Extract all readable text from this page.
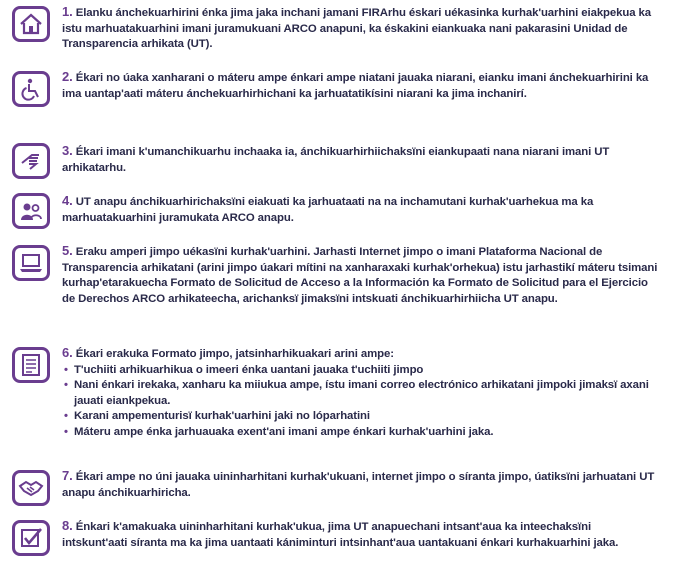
1. Elanku ánchekuarhirini énka jima jaka inchani jamani FIRArhu éskari uékasinka kurhak'uarhini eiakpekua ka istu marhuatakuarhini imani juramukuani ARCO anapuni, ka éskakini eiankuaka nani pakarasini Unidad de Transparencia arhikata (UT).

2. Ékari no úaka xanharani o máteru ampe énkari ampe niatani jauaka niarani, eianku imani ánchekuarhirini ka ima uantap'aati máteru ánchekuarhirhichani ka jarhuatatikísini niarani ka jima inchanirí.

3. Ékari imani k'umanchikuarhu inchaaka ia, ánchikuarhirhiichaksïni eiankupaati nana niarani imani UT arhikatarhu.

4. UT anapu ánchikuarhirichaksïni eiakuati ka jarhuataati na na inchamutani kurhak'uarhekua ma ka marhuatakuarhini juramukata ARCO anapu.

5. Eraku amperi jimpo uékasïni kurhak'uarhini. Jarhasti Internet jimpo o imani Plataforma Nacional de Transparencia arhikatani (arini jimpo úakari mítini na xanharaxaki kurhak'orhekua) istu jarhastikí máteru tsimani kurhap'etarakuecha Formato de Solicitud de Acceso a la Información ka Formato de Solicitud para el Ejercicio de Derechos ARCO arhikateecha, arichanksï jimaksïni intskuati ánchikuarhirhiicha UT anapu.

6. Ékari erakuka Formato jimpo, jatsinharhikuakari arini ampe:

• T'uchiiti arhikuarhikua o imeeri énka uantani jauaka t'uchiiti jimpo
• Nani énkari irekaka, xanharu ka miiukua ampe, ístu imani correo electrónico arhikatani jimpoki jimaksï axani jauati eiankpekua.
• Karani ampementurisï kurhak'uarhini jaki no lóparhatini
• Máteru ampe énka jarhuauaka exent'ani imani ampe énkari kurhak'uarhini jaka.

7. Ékari ampe no úni jauaka uininharhitani kurhak'ukuani, internet jimpo o síranta jimpo, úatiksïni jarhuatani UT anapu ánchikuarhiricha.

8. Énkari k'amakuaka uininharhitani kurhak'ukua, jima UT anapuechani intsant'aua ka inteechaksïni intskunt'aati síranta ma ka jima uantaati kániminturi intsinhant'aua uantakuani énkari kurhakuarhini jaka.
